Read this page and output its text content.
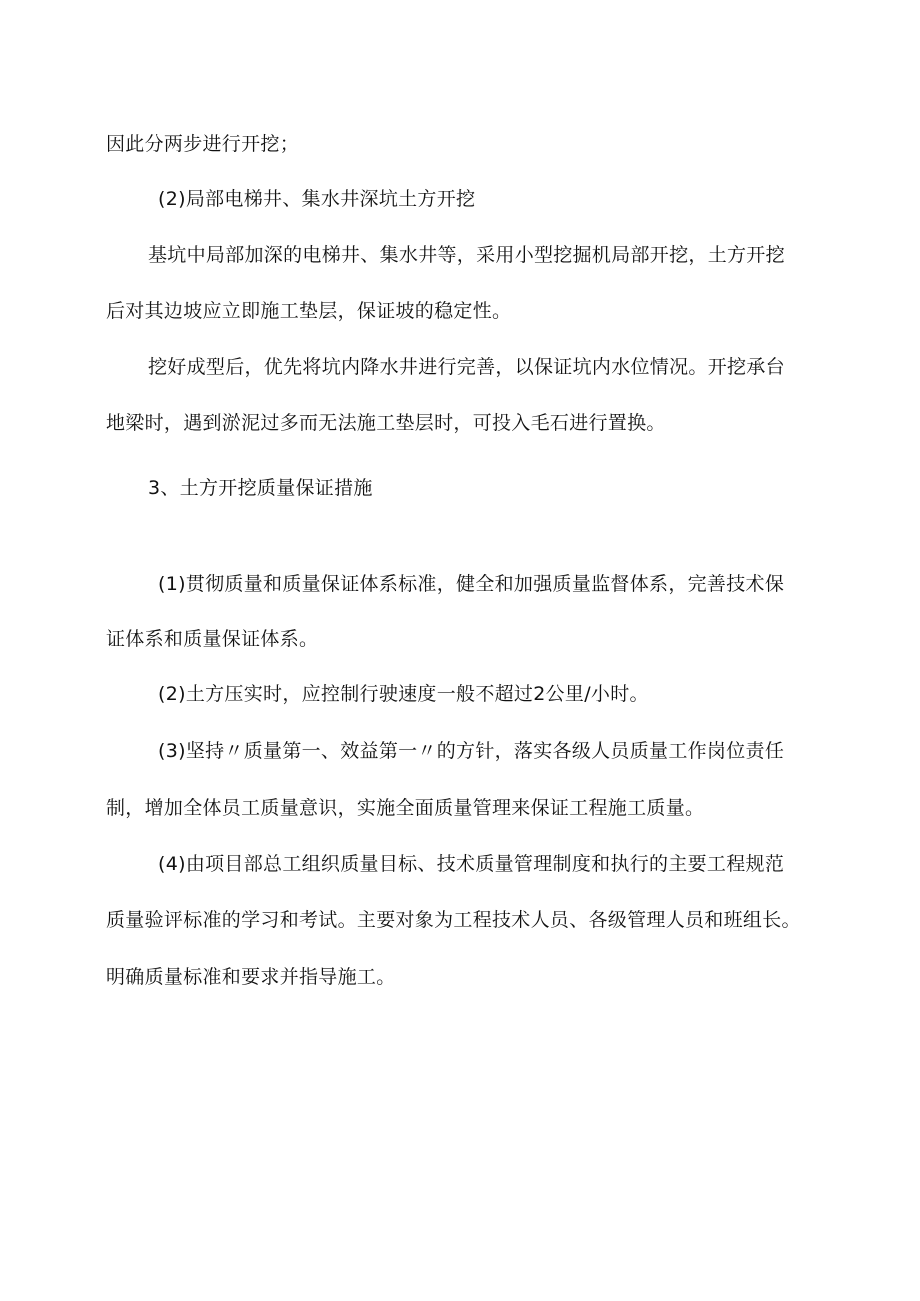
因此分两步进行开挖；
(2)局部电梯井、集水井深坑土方开挖
基坑中局部加深的电梯井、集水井等，采用小型挖掘机局部开挖，土方开挖
后对其边坡应立即施工垫层，保证坡的稳定性。
挖好成型后，优先将坑内降水井进行完善，以保证坑内水位情况。开挖承台
地梁时，遇到淤泥过多而无法施工垫层时，可投入毛石进行置换。
3、土方开挖质量保证措施
(1)贯彻质量和质量保证体系标准，健全和加强质量监督体系，完善技术保
证体系和质量保证体系。
(2)土方压实时，应控制行驶速度一般不超过2公里/小时。
(3)坚持〃质量第一、效益第一〃的方针，落实各级人员质量工作岗位责任
制，增加全体员工质量意识，实施全面质量管理来保证工程施工质量。
(4)由项目部总工组织质量目标、技术质量管理制度和执行的主要工程规范
质量验评标准的学习和考试。主要对象为工程技术人员、各级管理人员和班组长。
明确质量标准和要求并指导施工。
